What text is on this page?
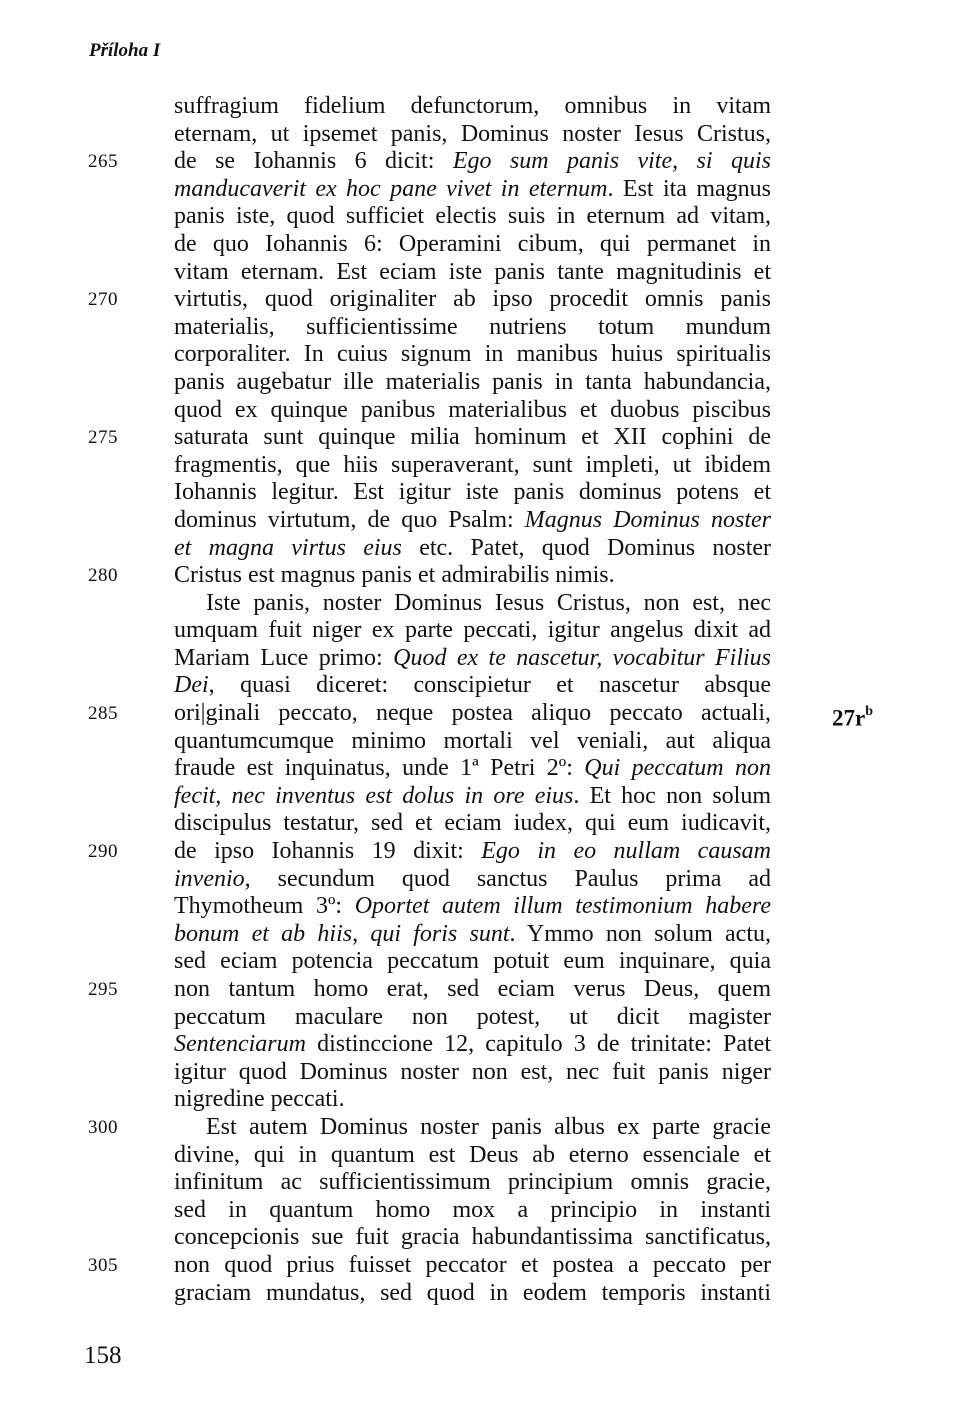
Příloha I
suffragium fidelium defunctorum, omnibus in vitam
eternam, ut ipsemet panis, Dominus noster Iesus Cristus,
265 de se Iohannis 6 dicit: Ego sum panis vite, si quis
manducaverit ex hoc pane vivet in eternum. Est ita magnus
panis iste, quod sufficiet electis suis in eternum ad vitam,
de quo Iohannis 6: Operamini cibum, qui permanet in
vitam eternam. Est eciam iste panis tante magnitudinis et
270 virtutis, quod originaliter ab ipso procedit omnis panis
materialis, sufficientissime nutriens totum mundum
corporaliter. In cuius signum in manibus huius spiritualis
panis augebatur ille materialis panis in tanta habundancia,
quod ex quinque panibus materialibus et duobus piscibus
275 saturata sunt quinque milia hominum et XII cophini de
fragmentis, que hiis superaverant, sunt impleti, ut ibidem
Iohannis legitur. Est igitur iste panis dominus potens et
dominus virtutum, de quo Psalm: Magnus Dominus noster
et magna virtus eius etc. Patet, quod Dominus noster
280 Cristus est magnus panis et admirabilis nimis.
Iste panis, noster Dominus Iesus Cristus, non est, nec
umquam fuit niger ex parte peccati, igitur angelus dixit ad
Mariam Luce primo: Quod ex te nascetur, vocabitur Filius
Dei, quasi diceret: conscipietur et nascetur absque
285 ori|ginali peccato, neque postea aliquo peccato actuali,	$27r^b$
quantumcumque minimo mortali vel veniali, aut aliqua
fraude est inquinatus, unde 1ª Petri 2º: Qui peccatum non
fecit, nec inventus est dolus in ore eius. Et hoc non solum
discipulus testatur, sed et eciam iudex, qui eum iudicavit,
290 de ipso Iohannis 19 dixit: Ego in eo nullam causam
invenio, secundum quod sanctus Paulus prima ad
Thymotheum 3º: Oportet autem illum testimonium habere
bonum et ab hiis, qui foris sunt. Ymmo non solum actu,
sed eciam potencia peccatum potuit eum inquinare, quia
295 non tantum homo erat, sed eciam verus Deus, quem
peccatum maculare non potest, ut dicit magister
Sentenciarum distinccione 12, capitulo 3 de trinitate: Patet
igitur quod Dominus noster non est, nec fuit panis niger
nigredine peccati.
300	Est autem Dominus noster panis albus ex parte gracie
divine, qui in quantum est Deus ab eterno essenciale et
infinitum ac sufficientissimum principium omnis gracie,
sed in quantum homo mox a principio in instanti
concepcionis sue fuit gracia habundantissima sanctificatus,
305 non quod prius fuisset peccator et postea a peccato per
graciam mundatus, sed quod in eodem temporis instanti
158
